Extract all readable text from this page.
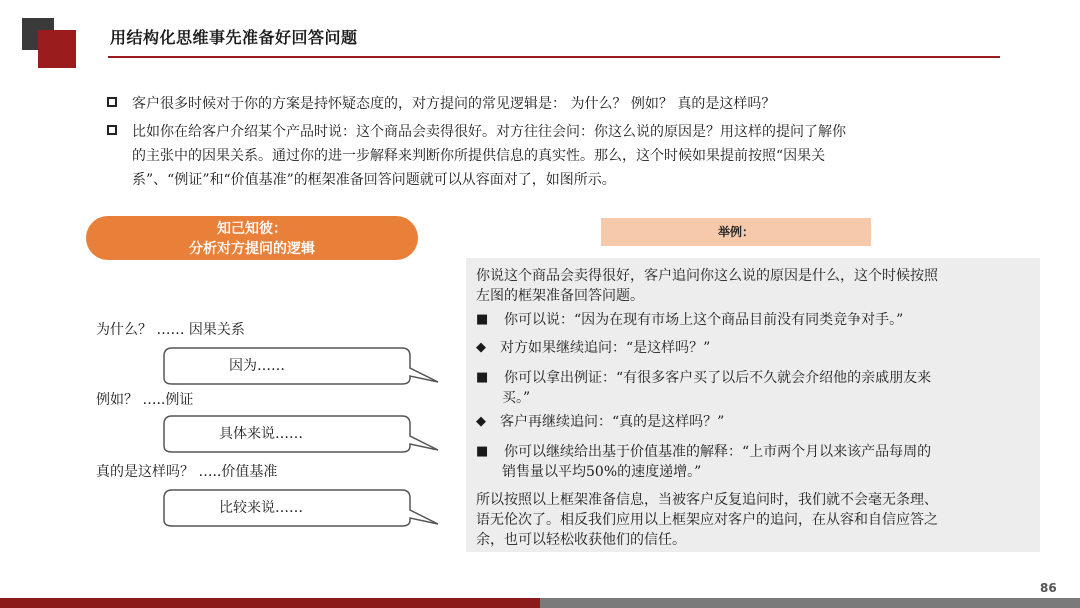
用结构化思维事先准备好回答问题
客户很多时候对于你的方案是持怀疑态度的，对方提问的常见逻辑是： 为什么？ 例如？ 真的是这样吗？
比如你在给客户介绍某个产品时说：这个商品会卖得很好。对方往往会问：你这么说的原因是？用这样的提问了解你
的主张中的因果关系。通过你的进一步解释来判断你所提供信息的真实性。那么，这个时候如果提前按照“因果关
系”、“例证”和“价值基准”的框架准备回答问题就可以从容面对了，如图所示。
知己知彼：
分析对方提问的逻辑
为什么？ …… 因果关系
因为……
例如？ …..例证
具体来说……
真的是这样吗？ …..价值基准
比较来说……
举例：
你说这个商品会卖得很好，客户追问你这么说的原因是什么，这个时候按照
左图的框架准备回答问题。
■ 你可以说：“因为在现有市场上这个商品目前没有同类竞争对手。”
◆ 对方如果继续追问：“是这样吗？”
■ 你可以拿出例证：“有很多客户买了以后不久就会介绍他的亲戚朋友来
买。”
◆ 客户再继续追问：“真的是这样吗？”
■ 你可以继续给出基于价值基准的解释：“上市两个月以来该产品每周的
销售量以平均50%的速度递增。”
所以按照以上框架准备信息，当被客户反复追问时，我们就不会毫无条理、
语无伦次了。相反我们应用以上框架应对客户的追问，在从容和自信应答之
余，也可以轻松收获他们的信任。
86
